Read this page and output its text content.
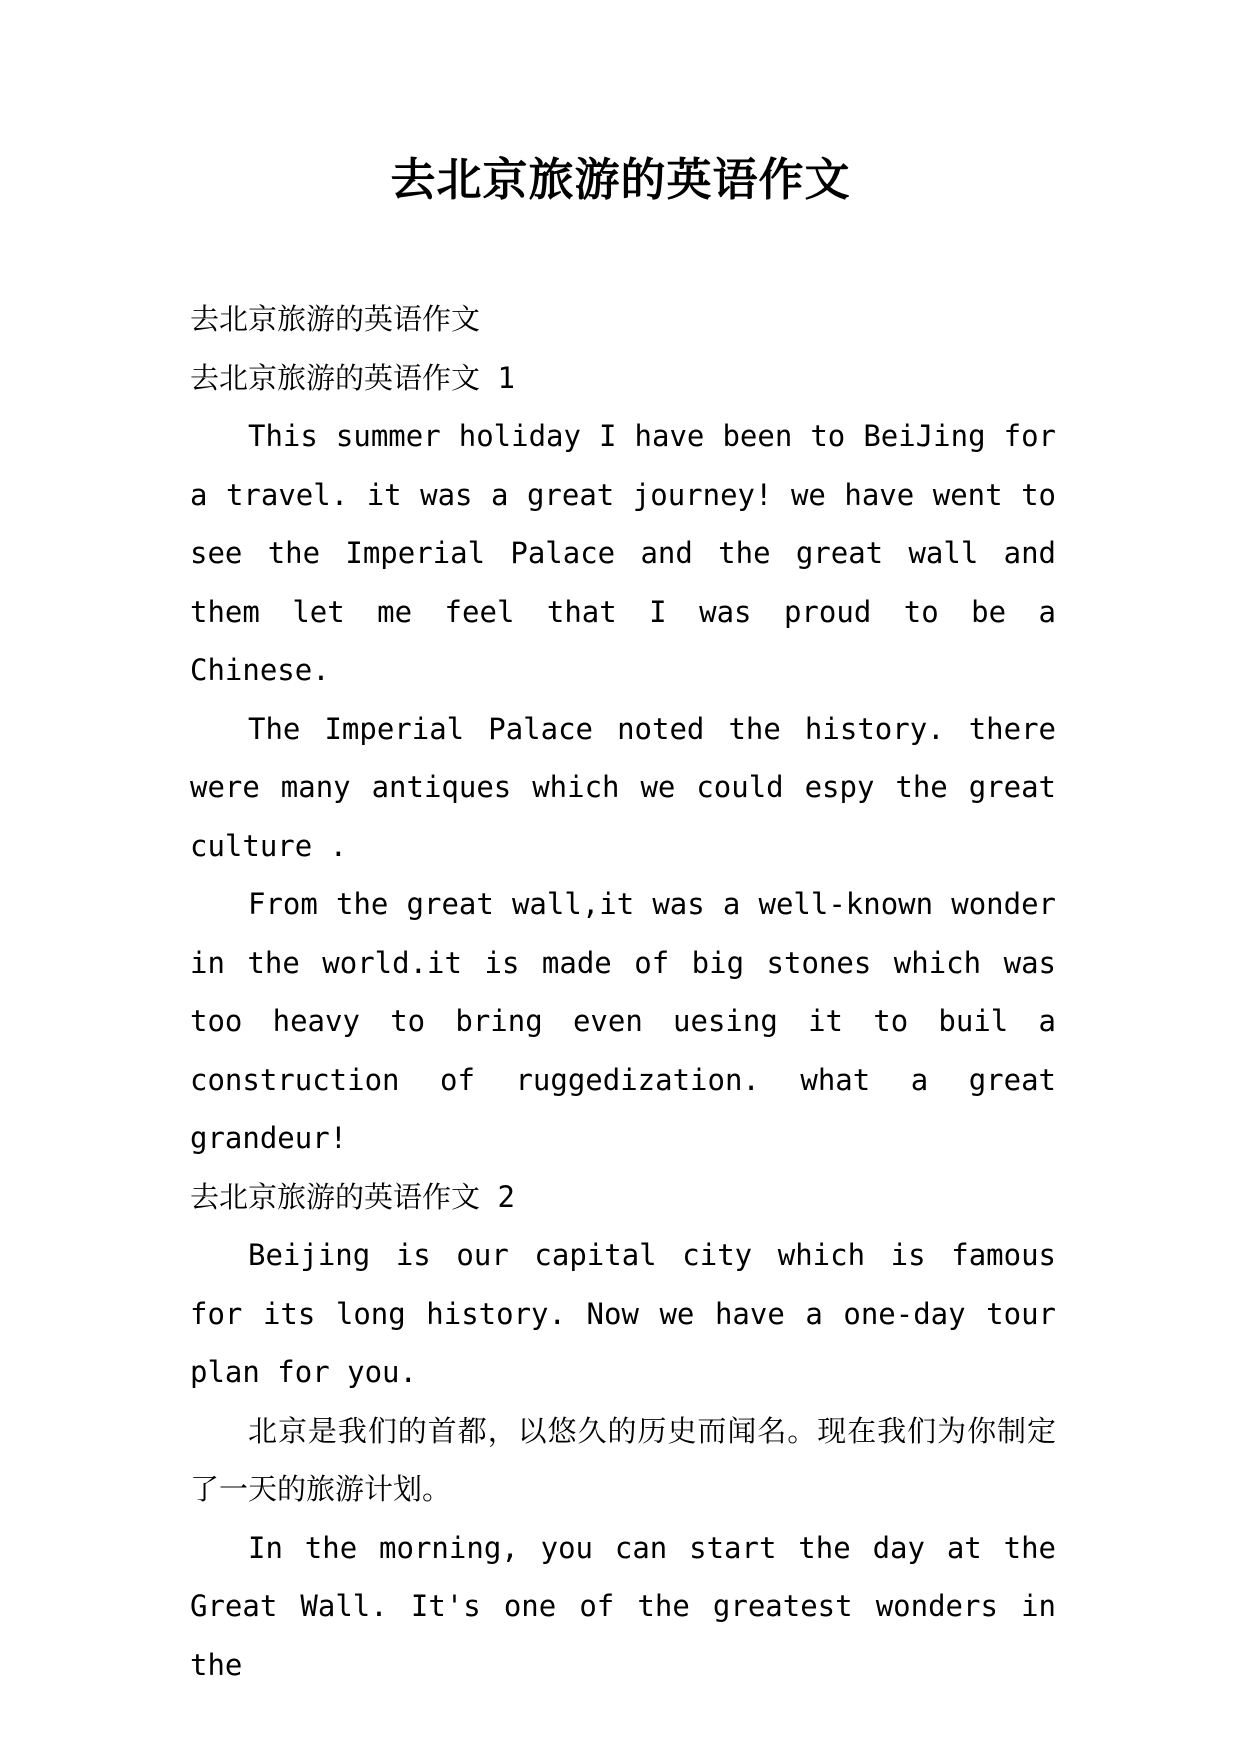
去北京旅游的英语作文

去北京旅游的英语作文

去北京旅游的英语作文 1

This summer holiday I have been to BeiJing for a travel. it was a great journey! we have went to see the Imperial Palace and the great wall and them let me feel that I was proud to be a Chinese.

The Imperial Palace noted the history. there were many antiques which we could espy the great culture .

From the great wall,it was a well-known wonder in the world.it is made of big stones which was too heavy to bring even uesing it to buil a construction of ruggedization. what a great grandeur!

去北京旅游的英语作文 2

Beijing is our capital city which is famous for its long history. Now we have a one-day tour plan for you.

北京是我们的首都，以悠久的历史而闻名。现在我们为你制定了一天的旅游计划。

In the morning, you can start the day at the Great Wall. It's one of the greatest wonders in the
